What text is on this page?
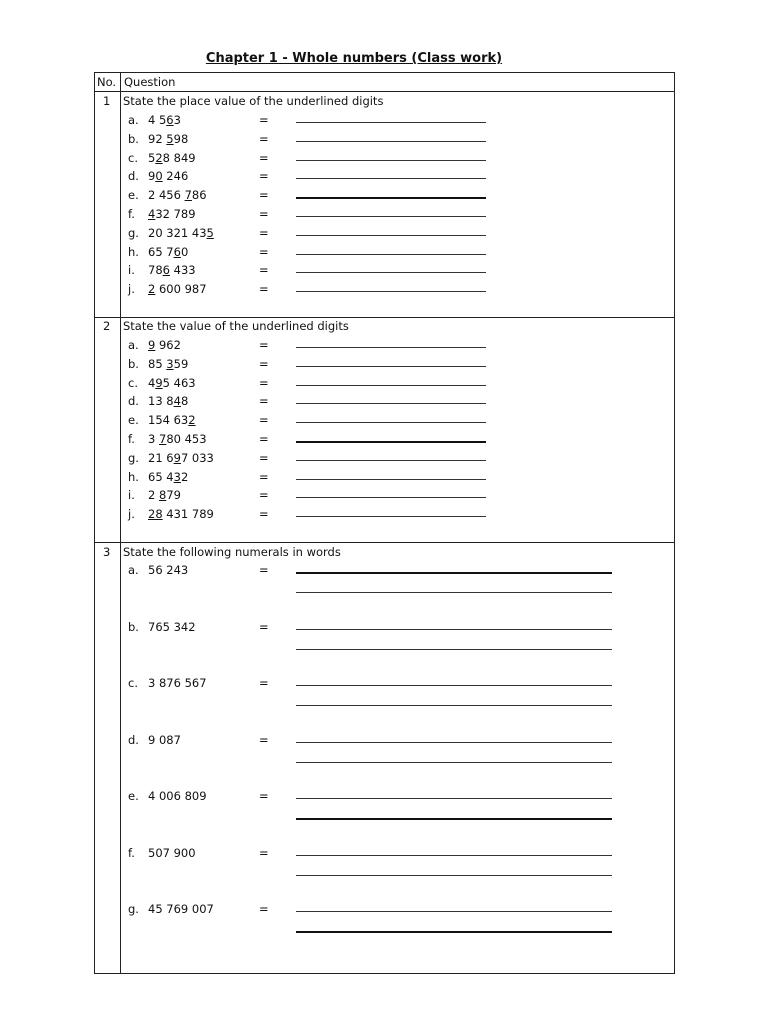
Chapter 1 - Whole numbers (Class work)
No. Question
1 State the place value of the underlined digits
a. 4 563	=
b. 92 598	=
c. 528 849	=
d. 90 246	=
e. 2 456 786	=
f. 432 789	=
g. 20 321 435	=
h. 65 760	=
i. 786 433	=
j. 2 600 987	=
2 State the value of the underlined digits
a. 9 962	=
b. 85 359	=
c. 495 463	=
d. 13 848	=
e. 154 632	=
f. 3 780 453	=
g. 21 697 033	=
h. 65 432	=
i. 2 879	=
j. 28 431 789	=
3 State the following numerals in words
a. 56 243	=
b. 765 342	=
c. 3 876 567	=
d. 9 087	=
e. 4 006 809	=
f. 507 900	=
g. 45 769 007	=
